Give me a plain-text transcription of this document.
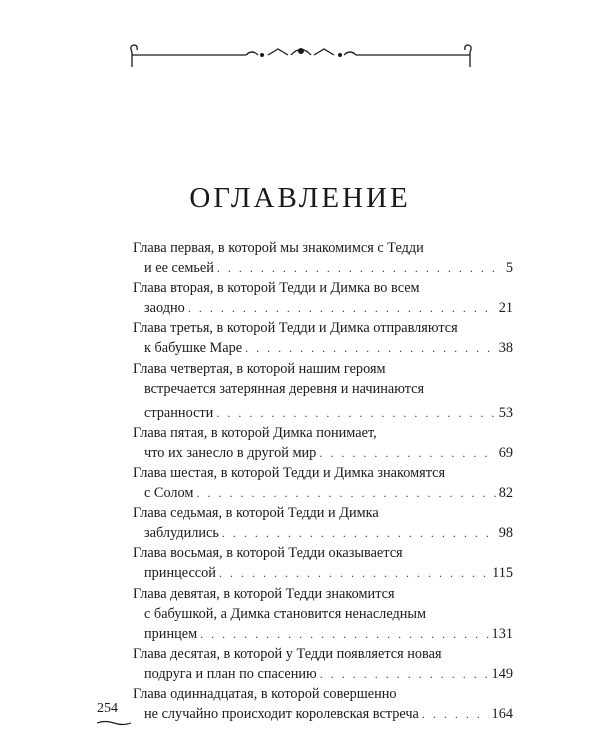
ОГЛАВЛЕНИЕ
Глава первая, в которой мы знакомимся с Тедди
и ее семьей . . .	5
Глава вторая, в которой Тедди и Димка во всем
заодно . . .	21
Глава третья, в которой Тедди и Димка отправляются
к бабушке Маре . . .	38
Глава четвертая, в которой нашим героям
встречается затерянная деревня и начинаются
странности . . .	53
Глава пятая, в которой Димка понимает,
что их занесло в другой мир . . .	69
Глава шестая, в которой Тедди и Димка знакомятся
с Солом . . .	82
Глава седьмая, в которой Тедди и Димка
заблудились . . .	98
Глава восьмая, в которой Тедди оказывается
принцессой . . .	115
Глава девятая, в которой Тедди знакомится
с бабушкой, а Димка становится ненаследным
принцем . . .	131
Глава десятая, в которой у Тедди появляется новая
подруга и план по спасению . . .	149
Глава одиннадцатая, в которой совершенно
не случайно происходит королевская встреча . . .	164
254
